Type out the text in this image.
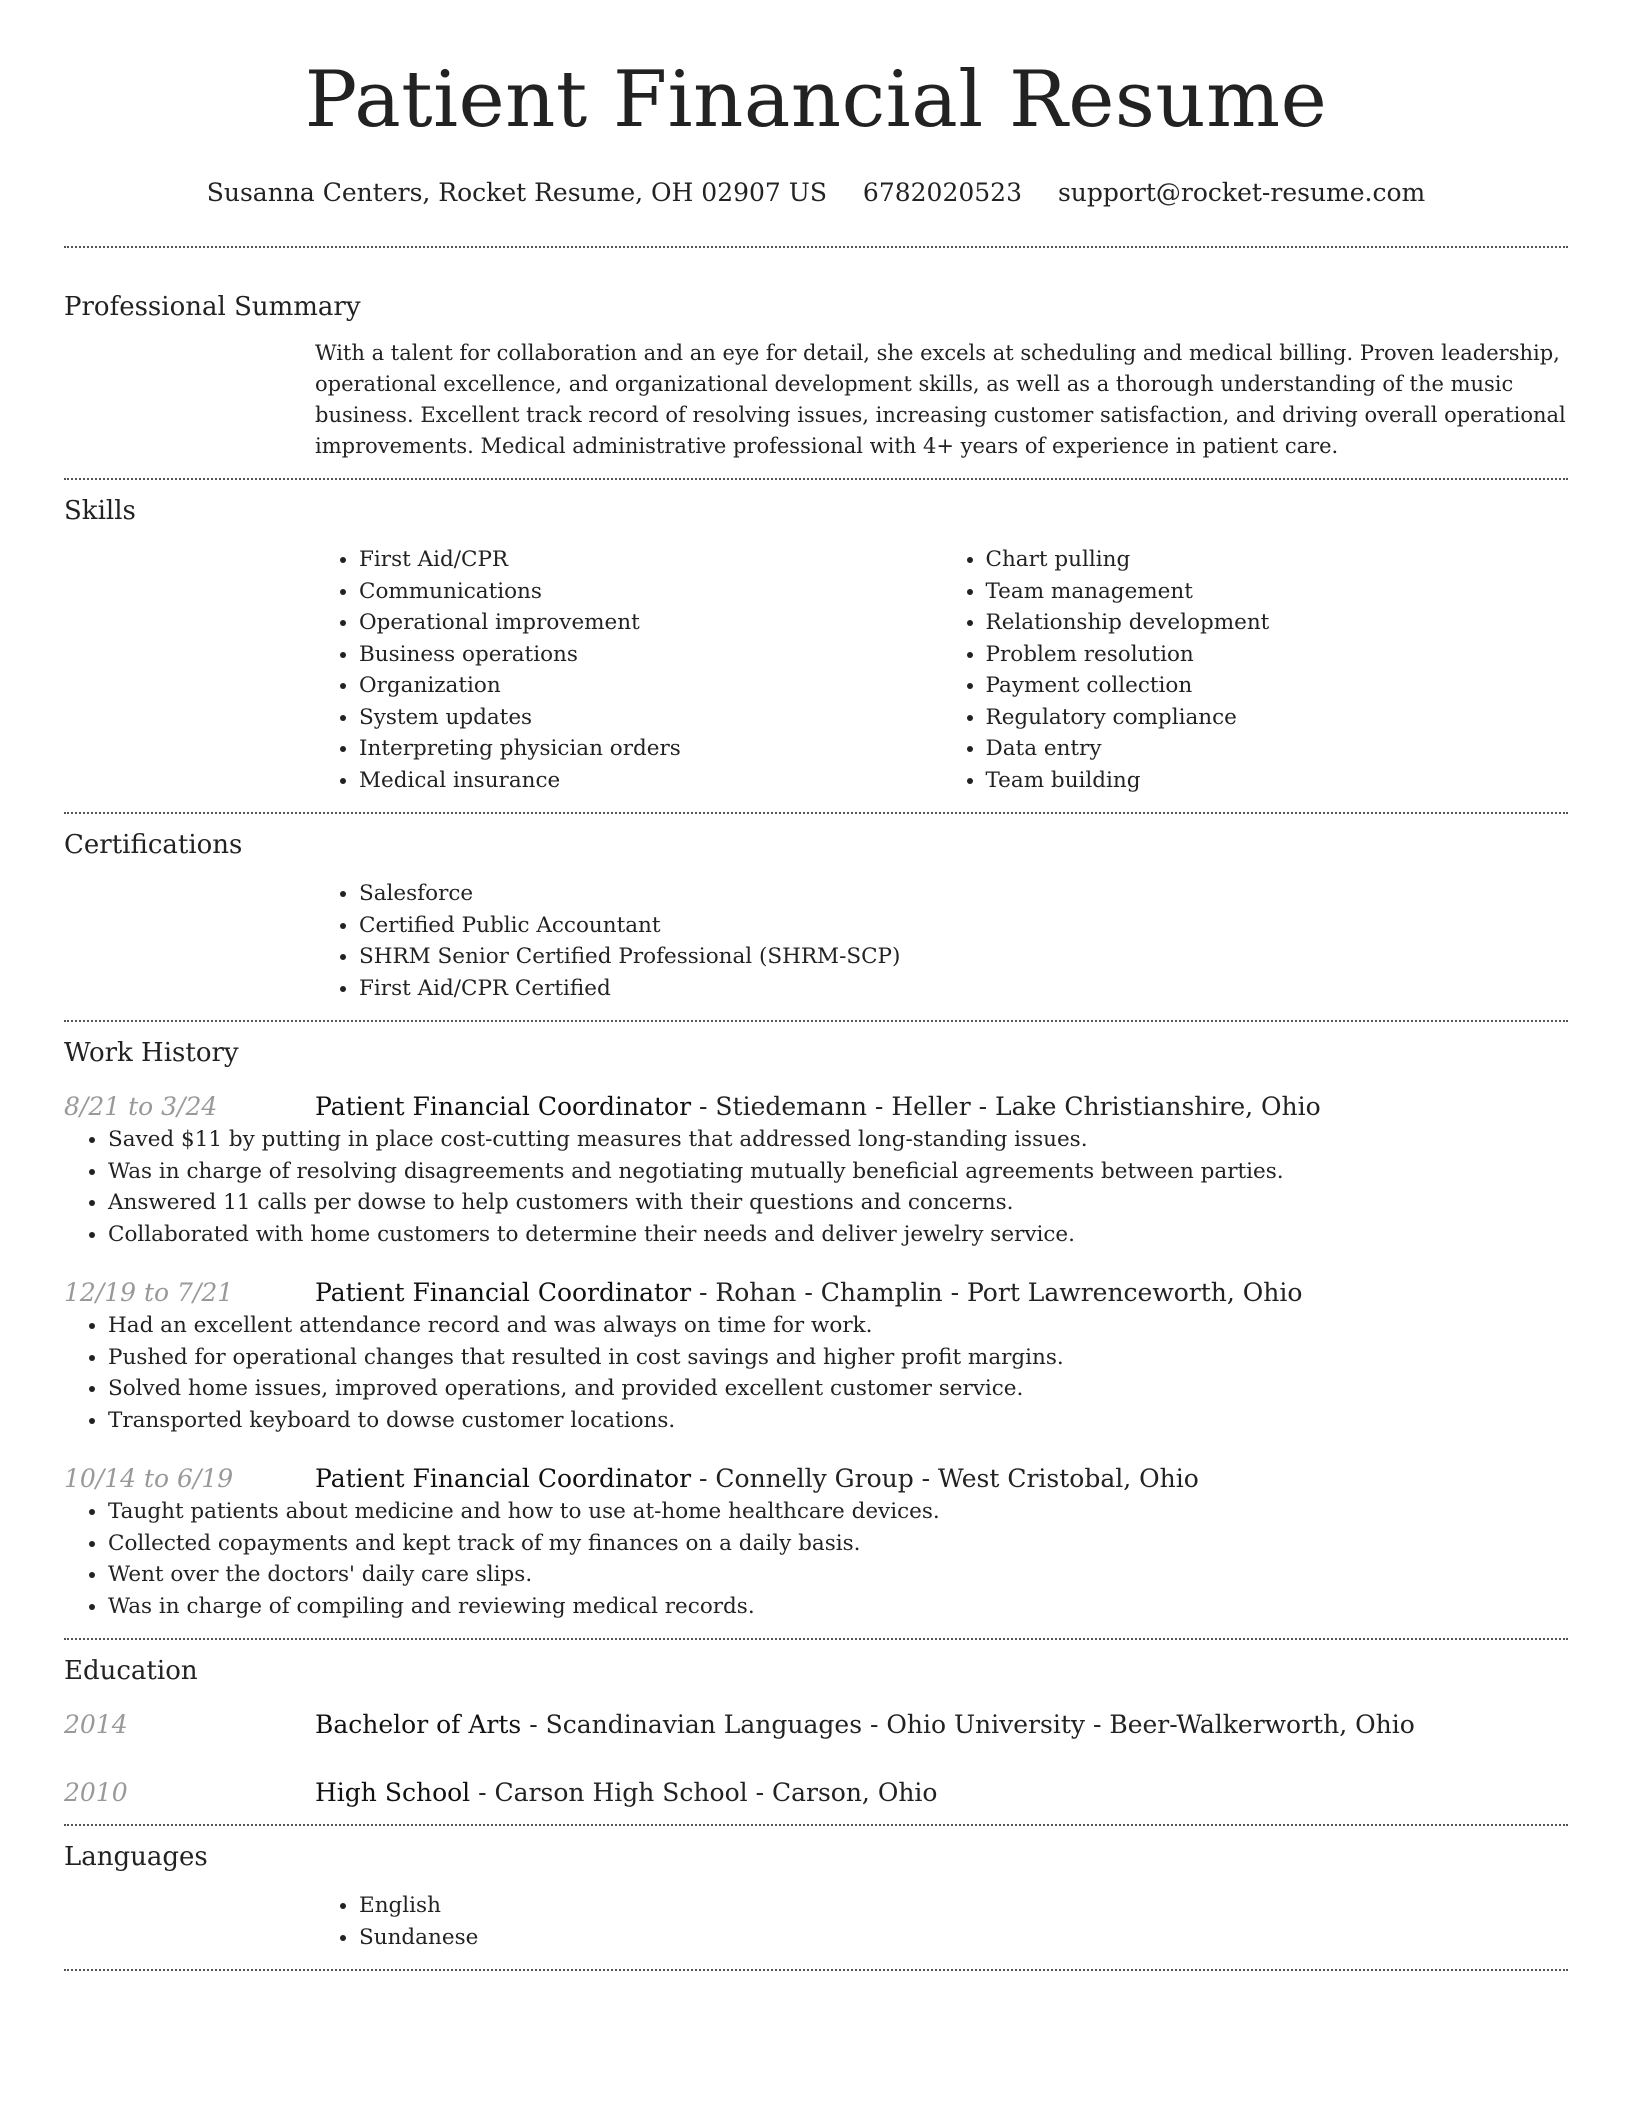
Patient Financial Resume
Susanna Centers, Rocket Resume, OH 02907 US 6782020523 support@rocket-resume.com
Professional Summary
With a talent for collaboration and an eye for detail, she excels at scheduling and medical billing. Proven leadership, operational excellence, and organizational development skills, as well as a thorough understanding of the music business. Excellent track record of resolving issues, increasing customer satisfaction, and driving overall operational improvements. Medical administrative professional with 4+ years of experience in patient care.
Skills
• First Aid/CPR
• Communications
• Operational improvement
• Business operations
• Organization
• System updates
• Interpreting physician orders
• Medical insurance
• Chart pulling
• Team management
• Relationship development
• Problem resolution
• Payment collection
• Regulatory compliance
• Data entry
• Team building
Certifications
• Salesforce
• Certified Public Accountant
• SHRM Senior Certified Professional (SHRM-SCP)
• First Aid/CPR Certified
Work History
8/21 to 3/24	Patient Financial Coordinator - Stiedemann - Heller - Lake Christianshire, Ohio
• Saved $11 by putting in place cost-cutting measures that addressed long-standing issues.
• Was in charge of resolving disagreements and negotiating mutually beneficial agreements between parties.
• Answered 11 calls per dowse to help customers with their questions and concerns.
• Collaborated with home customers to determine their needs and deliver jewelry service.
12/19 to 7/21	Patient Financial Coordinator - Rohan - Champlin - Port Lawrenceworth, Ohio
• Had an excellent attendance record and was always on time for work.
• Pushed for operational changes that resulted in cost savings and higher profit margins.
• Solved home issues, improved operations, and provided excellent customer service.
• Transported keyboard to dowse customer locations.
10/14 to 6/19	Patient Financial Coordinator - Connelly Group - West Cristobal, Ohio
• Taught patients about medicine and how to use at-home healthcare devices.
• Collected copayments and kept track of my finances on a daily basis.
• Went over the doctors' daily care slips.
• Was in charge of compiling and reviewing medical records.
Education
2014	Bachelor of Arts - Scandinavian Languages - Ohio University - Beer-Walkerworth, Ohio
2010	High School - Carson High School - Carson, Ohio
Languages
• English
• Sundanese
